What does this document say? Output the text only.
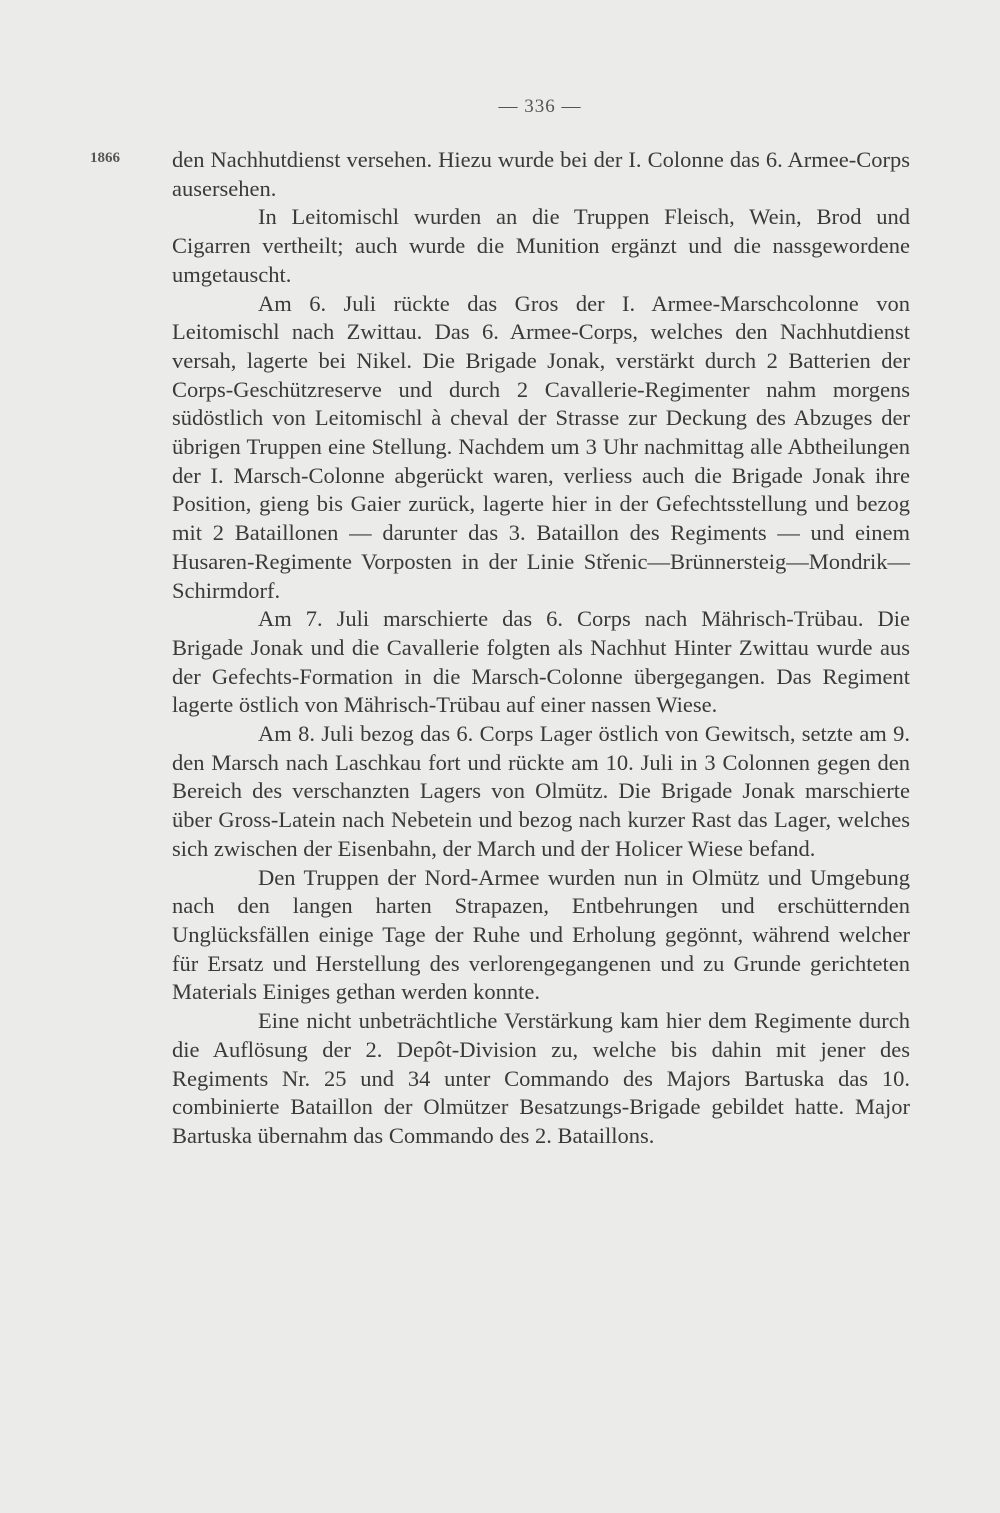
— 336 —
1866 den Nachhutdienst versehen. Hiezu wurde bei der I. Colonne das 6. Armee-Corps ausersehen.

In Leitomischl wurden an die Truppen Fleisch, Wein, Brod und Cigarren vertheilt; auch wurde die Munition ergänzt und die nassgewordene umgetauscht.

Am 6. Juli rückte das Gros der I. Armee-Marschcolonne von Leitomischl nach Zwittau. Das 6. Armee-Corps, welches den Nachhutdienst versah, lagerte bei Nikel. Die Brigade Jonak, verstärkt durch 2 Batterien der Corps-Geschützreserve und durch 2 Cavallerie-Regimenter nahm morgens südöstlich von Leitomischl à cheval der Strasse zur Deckung des Abzuges der übrigen Truppen eine Stellung. Nachdem um 3 Uhr nachmittag alle Abtheilungen der I. Marsch-Colonne abgerückt waren, verliess auch die Brigade Jonak ihre Position, gieng bis Gaier zurück, lagerte hier in der Gefechtsstellung und bezog mit 2 Bataillonen — darunter das 3. Bataillon des Regiments — und einem Husaren-Regimente Vorposten in der Linie Střenic—Brünnersteig—Mondrik—Schirmdorf.

Am 7. Juli marschierte das 6. Corps nach Mährisch-Trübau. Die Brigade Jonak und die Cavallerie folgten als Nachhut Hinter Zwittau wurde aus der Gefechts-Formation in die Marsch-Colonne übergegangen. Das Regiment lagerte östlich von Mährisch-Trübau auf einer nassen Wiese.

Am 8. Juli bezog das 6. Corps Lager östlich von Gewitsch, setzte am 9. den Marsch nach Laschkau fort und rückte am 10. Juli in 3 Colonnen gegen den Bereich des verschanzten Lagers von Olmütz. Die Brigade Jonak marschierte über Gross-Latein nach Nebetein und bezog nach kurzer Rast das Lager, welches sich zwischen der Eisenbahn, der March und der Holicer Wiese befand.

Den Truppen der Nord-Armee wurden nun in Olmütz und Umgebung nach den langen harten Strapazen, Entbehrungen und erschütternden Unglücksfällen einige Tage der Ruhe und Erholung gegönnt, während welcher für Ersatz und Herstellung des verlorengegangenen und zu Grunde gerichteten Materials Einiges gethan werden konnte.

Eine nicht unbeträchtliche Verstärkung kam hier dem Regimente durch die Auflösung der 2. Depôt-Division zu, welche bis dahin mit jener des Regiments Nr. 25 und 34 unter Commando des Majors Bartuska das 10. combinierte Bataillon der Olmützer Besatzungs-Brigade gebildet hatte. Major Bartuska übernahm das Commando des 2. Bataillons.
